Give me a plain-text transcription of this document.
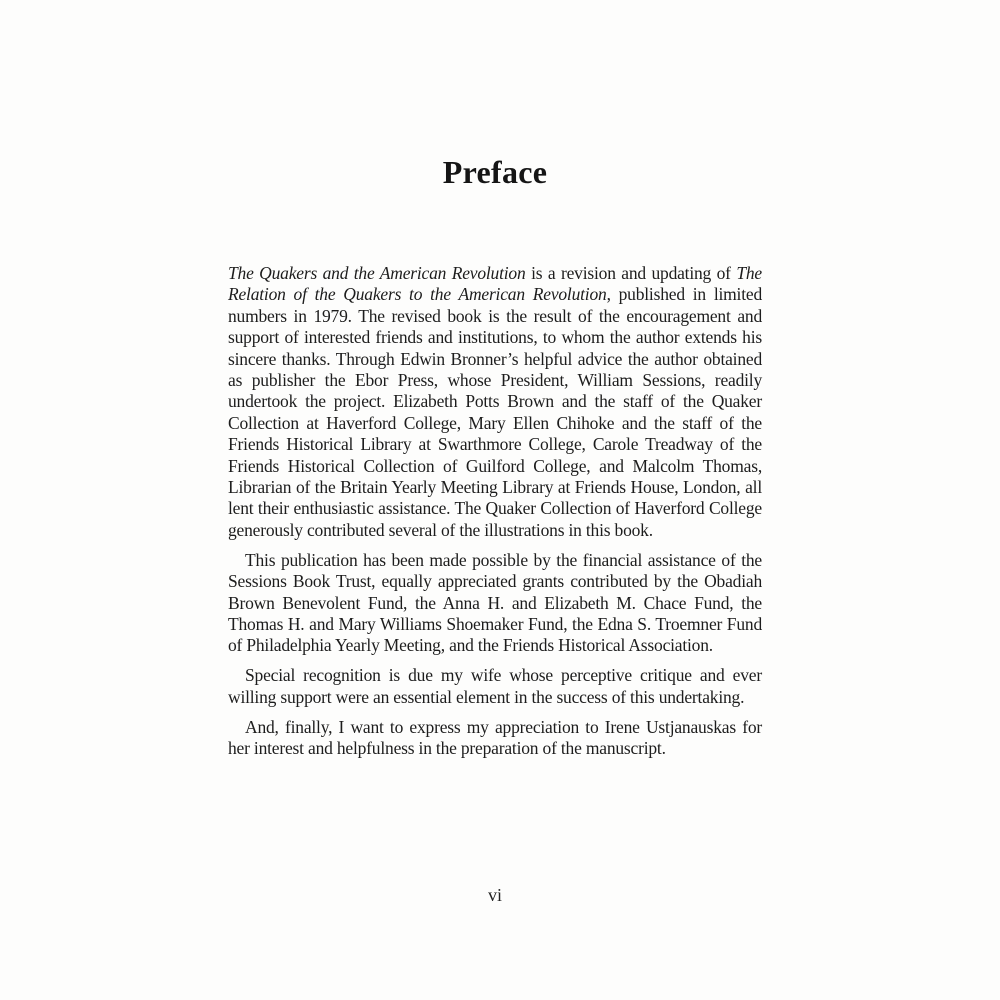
Preface

The Quakers and the American Revolution is a revision and updating of The Relation of the Quakers to the American Revolution, published in limited numbers in 1979. The revised book is the result of the encouragement and support of interested friends and institutions, to whom the author extends his sincere thanks. Through Edwin Bronner’s helpful advice the author obtained as publisher the Ebor Press, whose President, William Sessions, readily undertook the project. Elizabeth Potts Brown and the staff of the Quaker Collection at Haverford College, Mary Ellen Chihoke and the staff of the Friends Historical Library at Swarthmore College, Carole Treadway of the Friends Historical Collection of Guilford College, and Malcolm Thomas, Librarian of the Britain Yearly Meeting Library at Friends House, London, all lent their enthusiastic assistance. The Quaker Collection of Haverford College generously contributed several of the illustrations in this book.

This publication has been made possible by the financial assistance of the Sessions Book Trust, equally appreciated grants contributed by the Obadiah Brown Benevolent Fund, the Anna H. and Elizabeth M. Chace Fund, the Thomas H. and Mary Williams Shoemaker Fund, the Edna S. Troemner Fund of Philadelphia Yearly Meeting, and the Friends Historical Association.

Special recognition is due my wife whose perceptive critique and ever willing support were an essential element in the success of this undertaking.

And, finally, I want to express my appreciation to Irene Ustjanauskas for her interest and helpfulness in the preparation of the manuscript.

vi
